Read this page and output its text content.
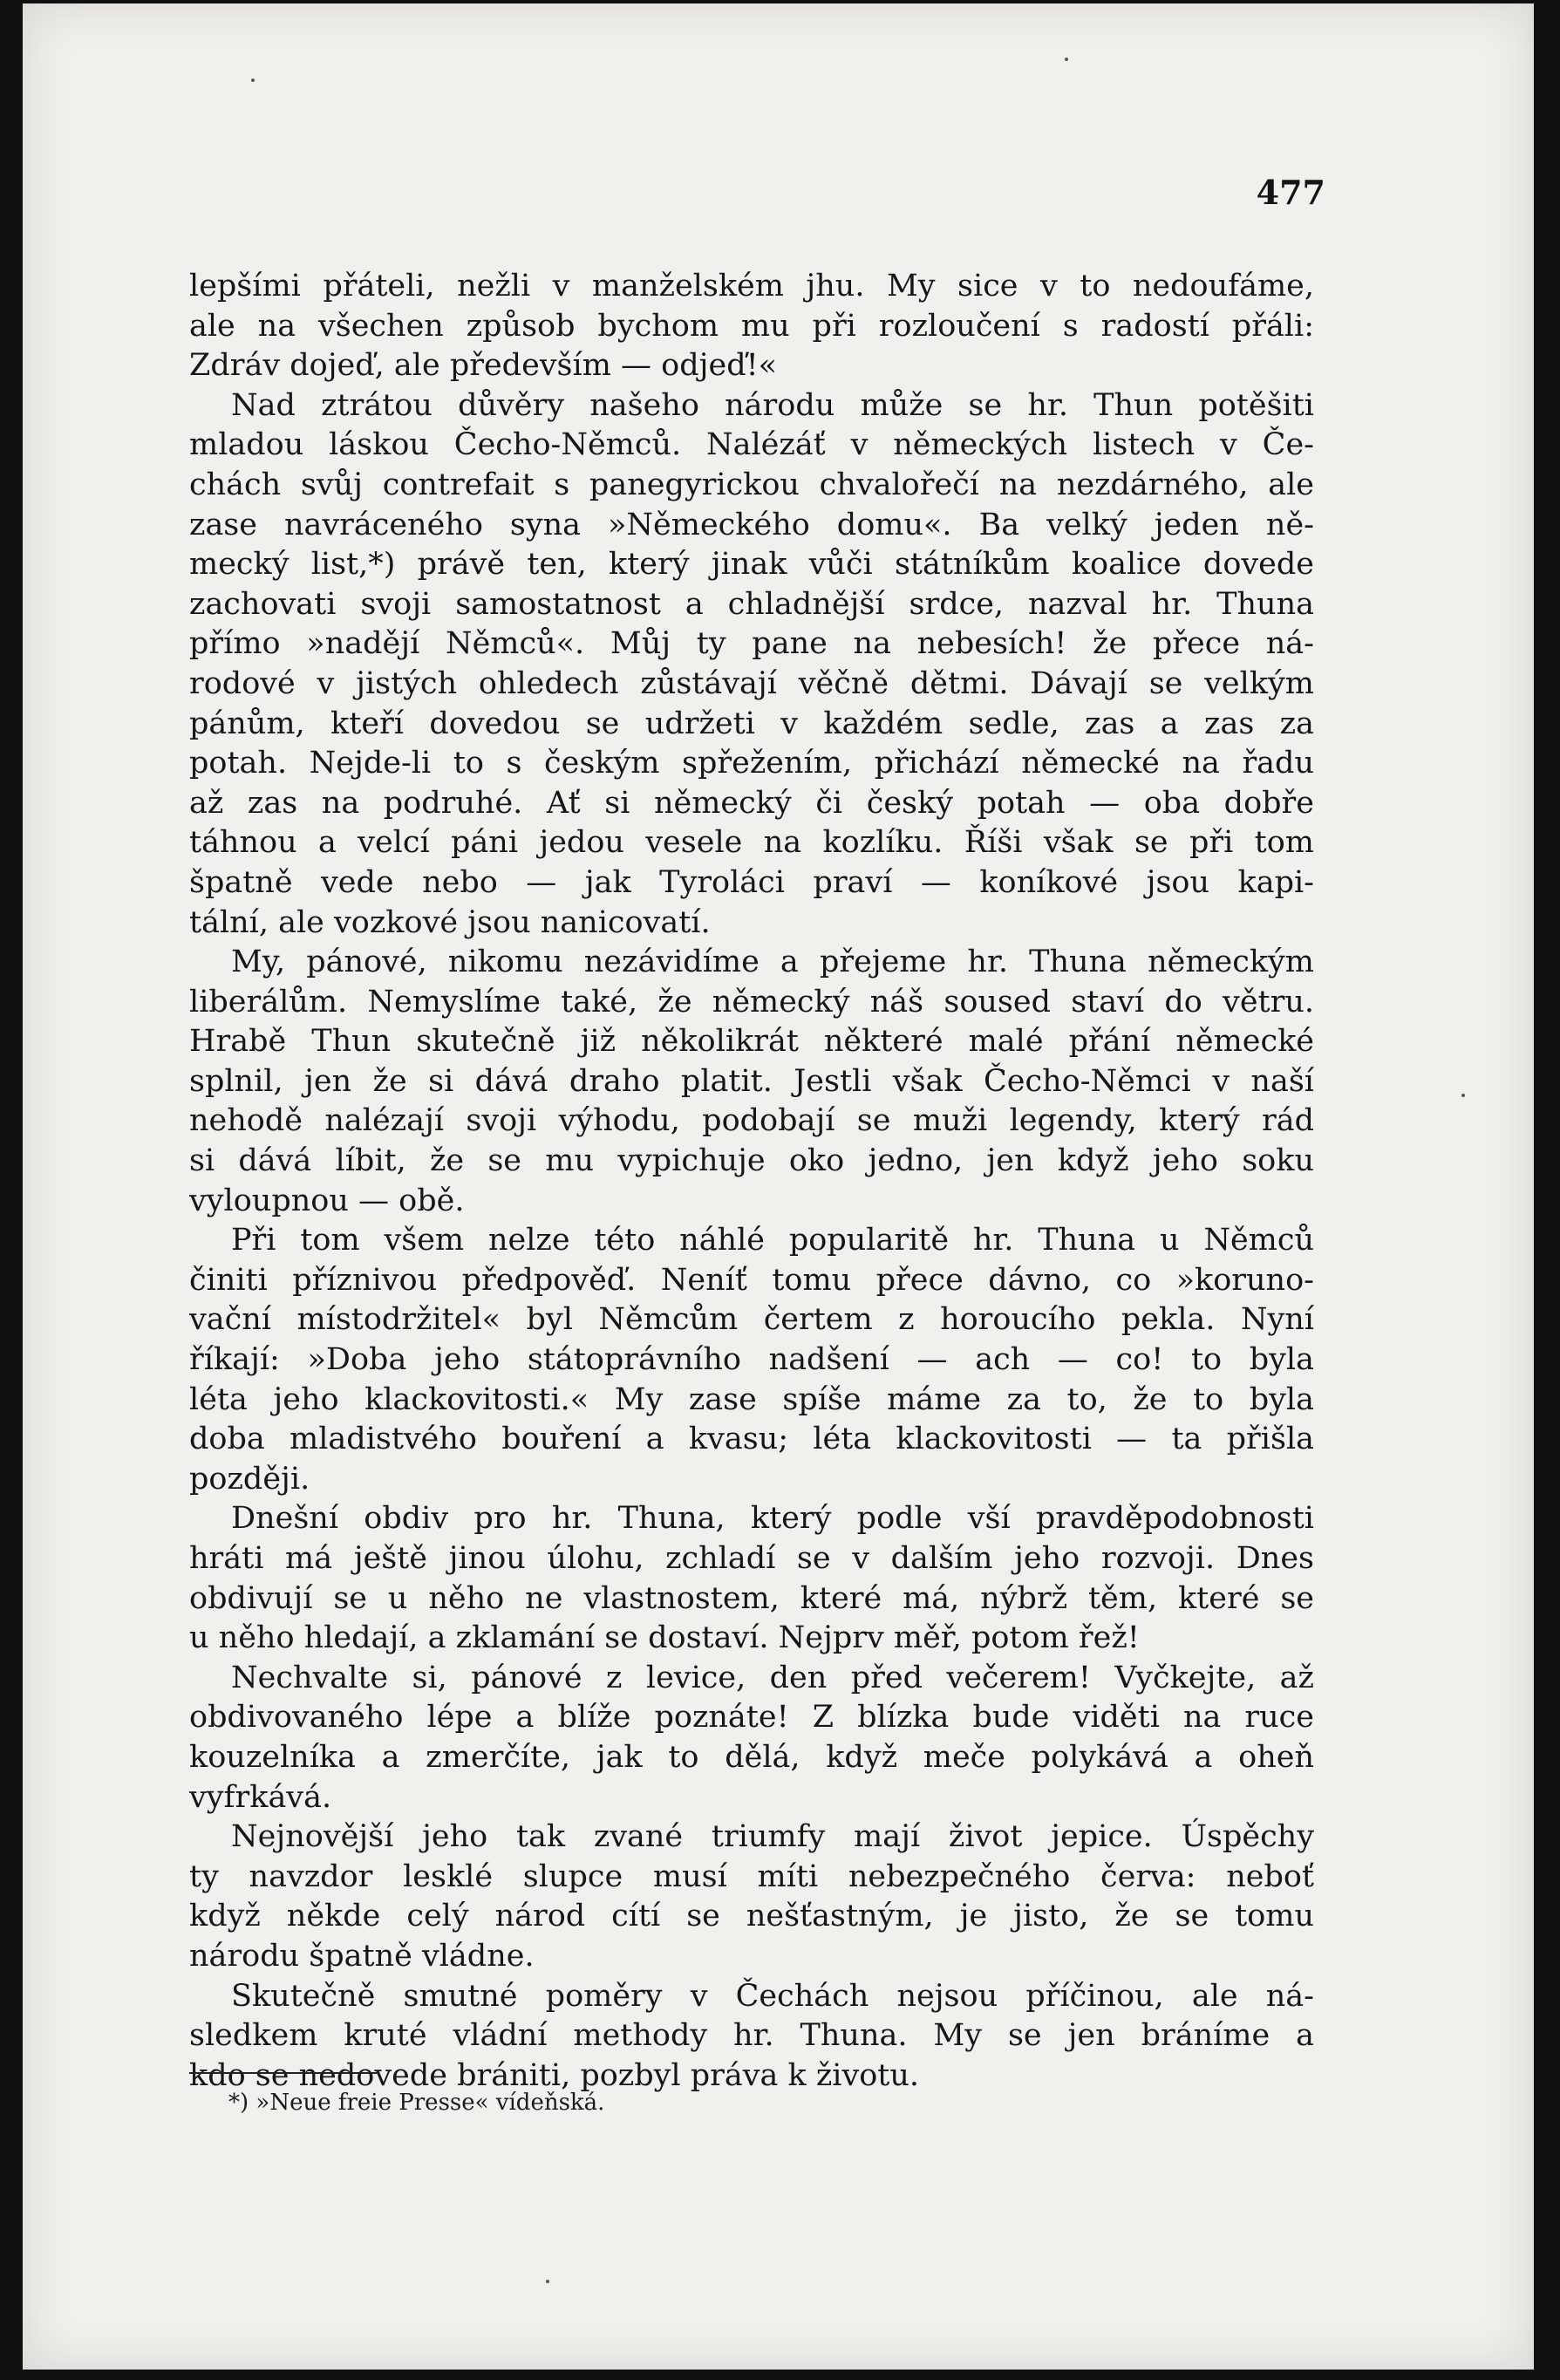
477
lepšími přáteli, nežli v manželském jhu. My sice v to nedoufáme,
ale na všechen způsob bychom mu při rozloučení s radostí přáli:
Zdráv dojeď, ale především — odjeď!«
Nad ztrátou důvěry našeho národu může se hr. Thun potěšiti
mladou láskou Čecho-Němců. Nalézáť v německých listech v Če-
chách svůj contrefait s panegyrickou chvalořečí na nezdárného, ale
zase navráceného syna »Německého domu«. Ba velký jeden ně-
mecký list,*) právě ten, který jinak vůči státníkům koalice dovede
zachovati svoji samostatnost a chladnější srdce, nazval hr. Thuna
přímo »nadějí Němců«. Můj ty pane na nebesích! že přece ná-
rodové v jistých ohledech zůstávají věčně dětmi. Dávají se velkým
pánům, kteří dovedou se udržeti v každém sedle, zas a zas za
potah. Nejde-li to s českým spřežením, přichází německé na řadu
až zas na podruhé. Ať si německý či český potah — oba dobře
táhnou a velcí páni jedou vesele na kozlíku. Říši však se při tom
špatně vede nebo — jak Tyroláci praví — koníkové jsou kapi-
tální, ale vozkové jsou nanicovatí.
My, pánové, nikomu nezávidíme a přejeme hr. Thuna německým
liberálům. Nemyslíme také, že německý náš soused staví do větru.
Hrabě Thun skutečně již několikrát některé malé přání německé
splnil, jen že si dává draho platit. Jestli však Čecho-Němci v naší
nehodě nalézají svoji výhodu, podobají se muži legendy, který rád
si dává líbit, že se mu vypichuje oko jedno, jen když jeho soku
vyloupnou — obě.
Při tom všem nelze této náhlé popularitě hr. Thuna u Němců
činiti příznivou předpověď. Neníť tomu přece dávno, co »koruno-
vační místodržitel« byl Němcům čertem z horoucího pekla. Nyní
říkají: »Doba jeho státoprávního nadšení — ach — co! to byla
léta jeho klackovitosti.« My zase spíše máme za to, že to byla
doba mladistvého bouření a kvasu; léta klackovitosti — ta přišla
později.
Dnešní obdiv pro hr. Thuna, který podle vší pravděpodobnosti
hráti má ještě jinou úlohu, zchladí se v dalším jeho rozvoji. Dnes
obdivují se u něho ne vlastnostem, které má, nýbrž těm, které se
u něho hledají, a zklamání se dostaví. Nejprv měř, potom řež!
Nechvalte si, pánové z levice, den před večerem! Vyčkejte, až
obdivovaného lépe a blíže poznáte! Z blízka bude viděti na ruce
kouzelníka a zmerčíte, jak to dělá, když meče polykává a oheň
vyfrkává.
Nejnovější jeho tak zvané triumfy mají život jepice. Úspěchy
ty navzdor lesklé slupce musí míti nebezpečného červa: neboť
když někde celý národ cítí se nešťastným, je jisto, že se tomu
národu špatně vládne.
Skutečně smutné poměry v Čechách nejsou příčinou, ale ná-
sledkem kruté vládní methody hr. Thuna. My se jen bráníme a
kdo se nedovede brániti, pozbyl práva k životu.
*) »Neue freie Presse« vídeňská.
